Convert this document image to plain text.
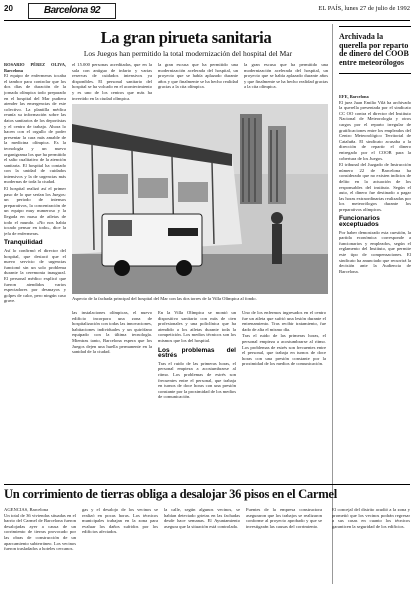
20	Barcelona 92	EL PAÍS, lunes 27 de julio de 1992
La gran pirueta sanitaria
Los Juegos han permitido la total modernización del hospital del Mar
ROSARIO PÉREZ OLIVA, Barcelona

El equipo de enfermeras tocaba el tambor para controlar que los dos días de duración de la jornada olímpica todo preparado en el hospital del Mar pudiera atender las emergencias de este colectivo. La plantilla médica reunía su información sobre las datos sanitarios de los deportistas y el centro de trabajo. Ahora lo hacen con el orgullo de poder presentar la cara más amable de la medicina olímpica. Es la tecnología y un nuevo organigrama los que ha permitido el salto cualitativo de la atención sanitaria. El hospital ha contado con la unidad de cuidados intensivos y la de urgencias más modernas de toda la ciudad.

El hospital realizó así el primer paso de lo que serían los Juegos: un periodo de intensos preparativos, la concentración de un equipo muy numeroso y la llegada en masa de atletas de todo el mundo. «No nos había tocado pensar en todo», dice la jefa de enfermeras.

Tranquilidad

Así lo confirmó el director del hospital, que destacó que el nuevo servicio de urgencias funcionó sin un solo problema durante la ceremonia inaugural. El personal médico explicó que fueron atendidos varios espectadores por desmayos y golpes de calor, pero ningún caso grave.

el 15.000 personas acreditadas, que en la sala con antiguo de infarto y varias reservas de cuidados intensivos ya disponibles. El personal sanitario del hospital se ha volcado en el acontecimiento y es uno de los centros que más ha invertido en la ciudad olímpica.

la gran escusa que ha permitido una modernización acelerada del hospital, un proyecto que se había aplazado durante años y que finalmente se ha hecho realidad gracias a la cita olímpica.

la gran escusa que ha permitido una modernización acelerada del hospital, un proyecto que se había aplazado durante años y que finalmente se ha hecho realidad gracias a la cita olímpica.

Aspecto de la fachada principal del hospital del Mar con las dos torres de la Villa Olímpica al fondo.

las instalaciones olímpicas, el nuevo edificio incorpora una zona de hospitalización con todas las innovaciones, habitaciones individuales y un quirófano equipado con la última tecnología. Mientras tanto, Barcelona espera que los Juegos dejen una huella permanente en la sanidad de la ciudad.

En la Villa Olímpica se montó un dispositivo sanitario con más de cien profesionales y una policlínica que ha atendido a los atletas durante toda la competición. Los medios técnicos son los mismos que los del hospital.

Los problemas del estrés

Tras el ruido de las primeras horas, el personal empieza a acostumbrarse al ritmo. Los problemas de estrés son frecuentes entre el personal, que trabaja en turnos de doce horas con una presión constante por la proximidad de los medios de comunicación.

Uno de los enfermos ingresados en el centro fue un atleta que sufrió una lesión durante el entrenamiento. Tras recibir tratamiento, fue dado de alta el mismo día.

Tras el ruido de las primeras horas, el personal empieza a acostumbrarse al ritmo. Los problemas de estrés son frecuentes entre el personal, que trabaja en turnos de doce horas con una presión constante por la proximidad de los medios de comunicación.

Archivada la querella por reparto de dinero del COOB entre meteorólogos
EFE, Barcelona

El juez Juan Emilio Vilà ha archivado la querella presentada por el sindicato CC OO contra el director del Instituto Nacional de Meteorología y otros cargos por el reparto irregular de gratificaciones entre los empleados del Centro Meteorológico Territorial de Cataluña. El sindicato acusaba a la dirección de repartir el dinero entregado por el COOB para la cobertura de los Juegos.

El tribunal del Juzgado de Instrucción número 22 de Barcelona ha considerado que no existen indicios de delito en la actuación de los responsables del instituto. Según el auto, el dinero fue destinado a pagar las horas extraordinarias realizadas por los meteorólogos durante los preparativos olímpicos.

Funcionarios exceptuados

Por haber demostrado esta cuestión, la partida económica corresponde a funcionarios y empleados, según el reglamento del Instituto, que permite este tipo de compensaciones. El sindicato ha anunciado que recurrirá la decisión ante la Audiencia de Barcelona.

Un corrimiento de tierras obliga a desalojar 36 pisos en el Carmel
AGENCIAS, Barcelona

Un total de 36 viviendas situadas en el barrio del Carmel de Barcelona fueron desalojadas ayer a causa de un corrimiento de tierras provocado por las obras de construcción de un aparcamiento subterráneo. Los vecinos fueron trasladados a hoteles cercanos.

gas y el desalojo de los vecinos se realizó en pocas horas. Los técnicos municipales trabajan en la zona para evaluar los daños sufridos por los edificios afectados.

la calle, según algunos vecinos, se habían detectado grietas en las fachadas desde hace semanas. El Ayuntamiento asegura que la situación está controlada.

Fuentes de la empresa constructora aseguraron que los trabajos se realizaron conforme al proyecto aprobado y que se investigarán las causas del corrimiento.

El concejal del distrito acudió a la zona y prometió que los vecinos podrán regresar a sus casas en cuanto los técnicos garanticen la seguridad de los edificios.
